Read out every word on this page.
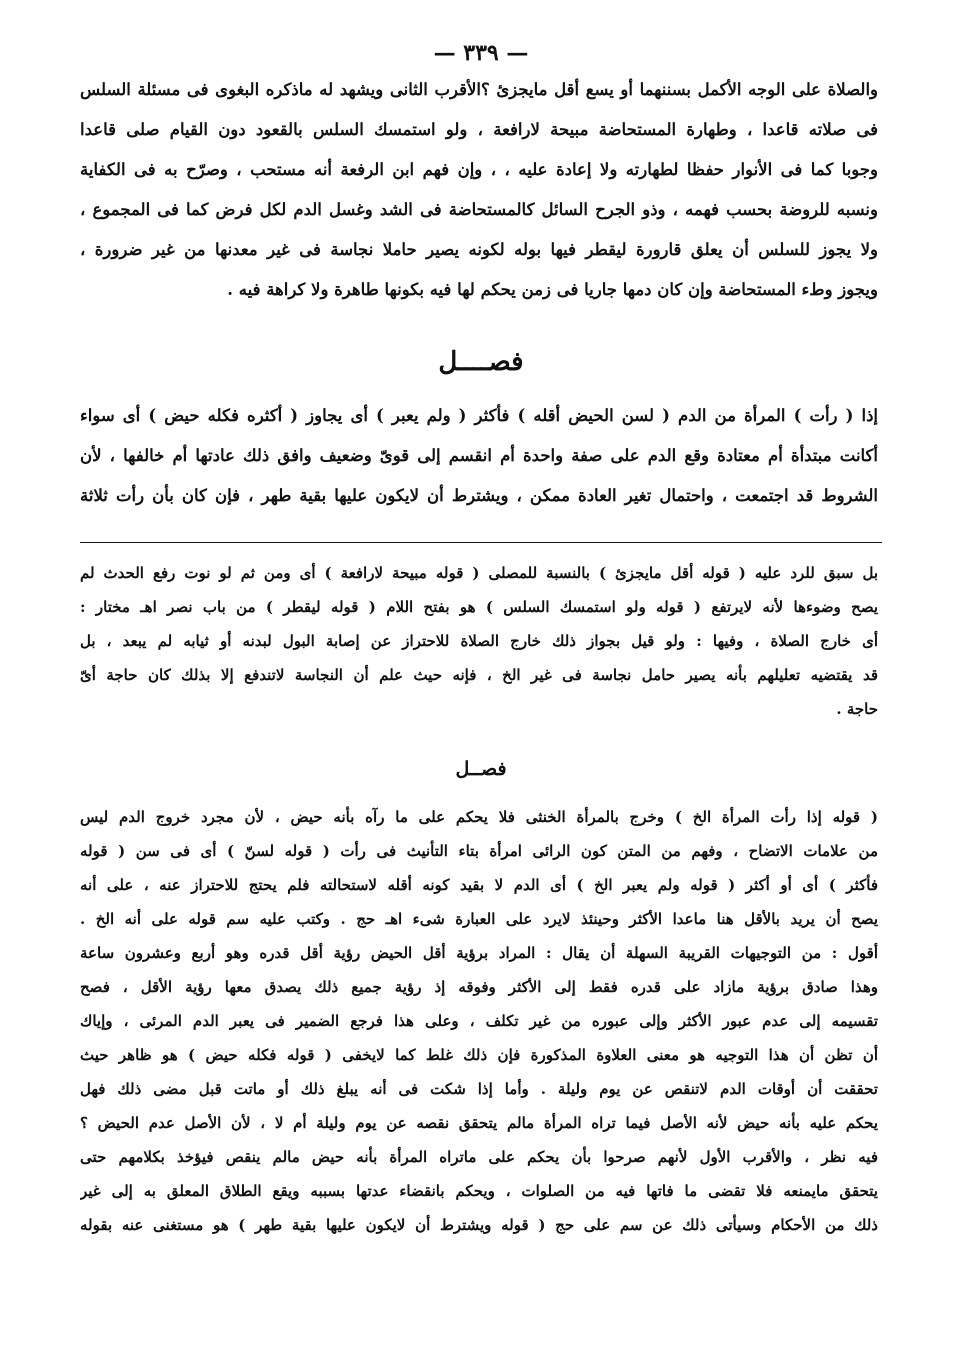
— ٣٣٩ —
والصلاة على الوجه الأكمل بسننهما أو يسع أقل مايجزئ ؟الأقرب الثانى ويشهد له ماذكره البغوى فى مسئلة السلس
فى صلاته قاعدا ، وطهارة المستحاضة مبيحة لارافعة ، ولو استمسك السلس بالقعود دون القيام صلى قاعدا
وجوبا كما فى الأنوار حفظا لطهارته ولا إعادة عليه ، ، وإن فهم ابن الرفعة أنه مستحب ، وصرّح به فى الكفاية
ونسبه للروضة بحسب فهمه ، وذو الجرح السائل كالمستحاضة فى الشد وغسل الدم لكل فرض كما فى المجموع ،
ولا يجوز للسلس أن يعلق قارورة ليقطر فيها بوله لكونه يصير حاملا نجاسة فى غير معدنها من غير ضرورة ،
ويجوز وطء المستحاضة وإن كان دمها جاريا فى زمن يحكم لها فيه بكونها طاهرة ولا كراهة فيه .
فصــــل
إذا ( رأت ) المرأة من الدم ( لسن الحيض أقله ) فأكثر ( ولم يعبر ) أى يجاوز ( أكثره فكله حيض ) أى سواء
أكانت مبتدأة أم معتادة وقع الدم على صفة واحدة أم انقسم إلى قوىّ وضعيف وافق ذلك عادتها أم خالفها ، لأن
الشروط قد اجتمعت ، واحتمال تغير العادة ممكن ، ويشترط أن لايكون عليها بقية طهر ، فإن كان بأن رأت ثلاثة
بل سبق للرد عليه ( قوله أقل مايجزئ ) بالنسبة للمصلى ( قوله مبيحة لارافعة ) أى ومن ثم لو نوت رفع الحدث لم
يصح وضوءها لأنه لايرتفع ( قوله ولو استمسك السلس ) هو بفتح اللام ( قوله ليقطر ) من باب نصر اهـ مختار :
أى خارج الصلاة ، وفيها : ولو قيل بجواز ذلك خارج الصلاة للاحتراز عن إصابة البول لبدنه أو ثيابه لم يبعد ، بل
قد يقتضيه تعليلهم بأنه يصير حامل نجاسة فى غير الخ ، فإنه حيث علم أن النجاسة لاتندفع إلا بذلك كان حاجة أىّ
حاجة .
فصــل
( قوله إذا رأت المرأة الخ ) وخرج بالمرأة الخنثى فلا يحكم على ما رآه بأنه حيض ، لأن مجرد خروج الدم ليس
من علامات الاتضاح ، وفهم من المتن كون الرائى امرأة بتاء التأنيث فى رأت ( قوله لسنّ ) أى فى سن ( قوله
فأكثر ) أى أو أكثر ( قوله ولم يعبر الخ ) أى الدم لا بقيد كونه أقله لاستحالته فلم يحتج للاحتراز عنه ، على أنه
يصح أن يريد بالأقل هنا ماعدا الأكثر وحينئذ لايرد على العبارة شىء اهـ حج . وكتب عليه سم قوله على أنه الخ .
أقول : من التوجيهات القريبة السهلة أن يقال : المراد برؤية أقل الحيض رؤية أقل قدره وهو أربع وعشرون ساعة
وهذا صادق برؤية مازاد على قدره فقط إلى الأكثر وفوقه إذ رؤية جميع ذلك يصدق معها رؤية الأقل ، فصح
تقسيمه إلى عدم عبور الأكثر وإلى عبوره من غير تكلف ، وعلى هذا فرجع الضمير فى يعبر الدم المرئى ، وإياك
أن تظن أن هذا التوجيه هو معنى العلاوة المذكورة فإن ذلك غلط كما لايخفى ( قوله فكله حيض ) هو ظاهر حيث
تحققت أن أوقات الدم لاتنقص عن يوم وليلة . وأما إذا شكت فى أنه يبلغ ذلك أو ماتت قبل مضى ذلك فهل
يحكم عليه بأنه حيض لأنه الأصل فيما تراه المرأة مالم يتحقق نقصه عن يوم وليلة أم لا ، لأن الأصل عدم الحيض ؟
فيه نظر ، والأقرب الأول لأنهم صرحوا بأن يحكم على ماتراه المرأة بأنه حيض مالم ينقص فيؤخذ بكلامهم حتى
يتحقق مايمنعه فلا تقضى ما فاتها فيه من الصلوات ، ويحكم بانقضاء عدتها بسببه ويقع الطلاق المعلق به إلى غير
ذلك من الأحكام وسيأتى ذلك عن سم على حج ( قوله ويشترط أن لايكون عليها بقية طهر ) هو مستغنى عنه بقوله
